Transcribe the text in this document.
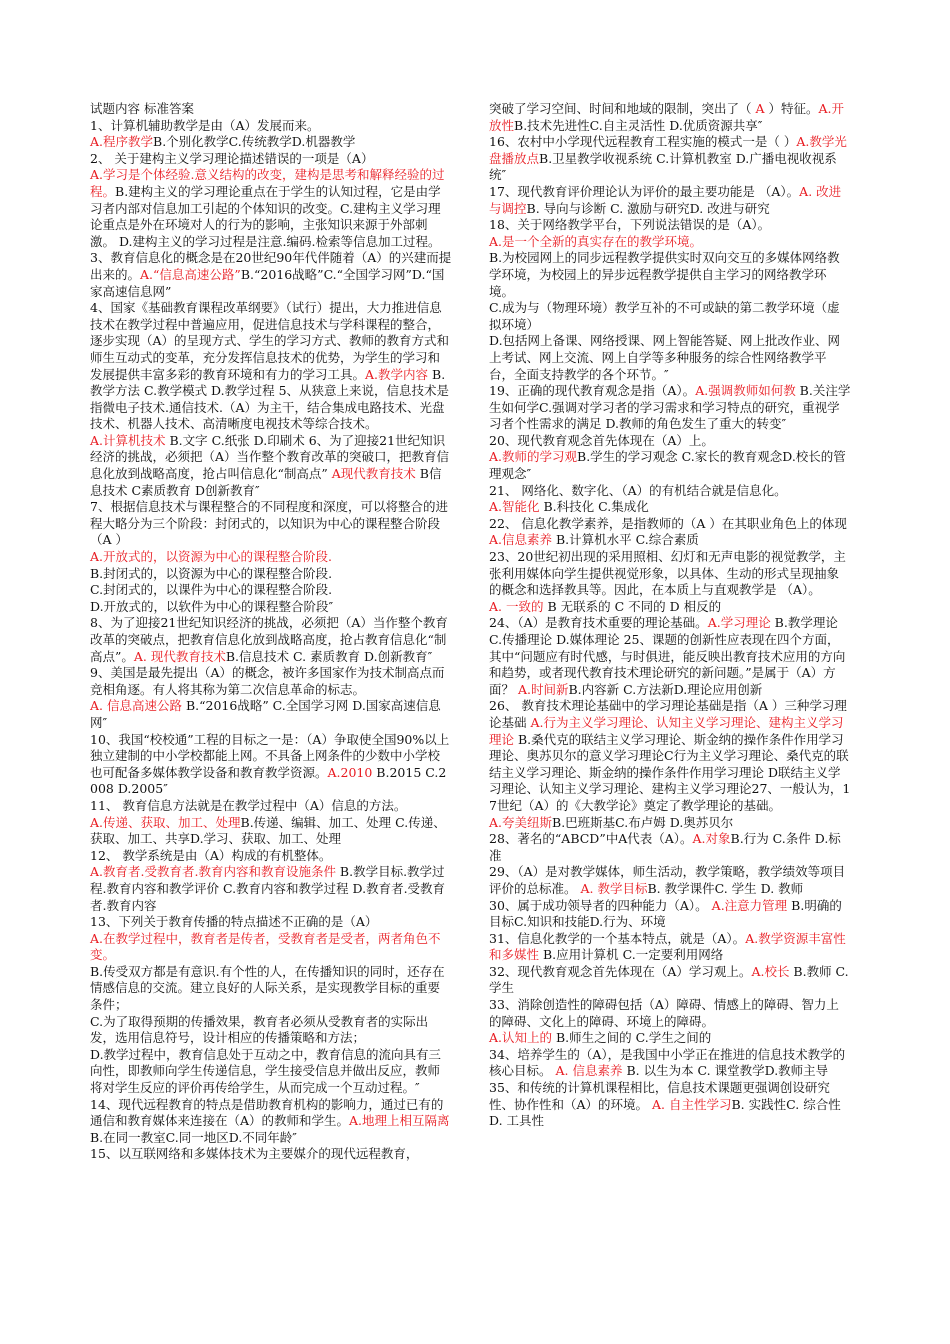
试题内容 标准答案

1、计算机辅助教学是由（A）发展而来。

A.程序教学B.个别化教学C.传统教学D.机器教学

2、 关于建构主义学习理论描述错误的一项是（A）

A.学习是个体经验.意义结构的改变，建构是思考和解释经验的过程。B.建构主义的学习理论重点在于学生的认知过程，它是由学习者内部对信息加工引起的个体知识的改变。C.建构主义学习理论重点是外在环境对人的行为的影响，主张知识来源于外部刺激。 D.建构主义的学习过程是注意.编码.检索等信息加工过程。

3、教育信息化的概念是在20世纪90年代伴随着（A）的兴建而提出来的。A.“信息高速公路”B.“2016战略”C.“全国学习网”D.“国家高速信息网”

4、国家《基础教育课程改革纲要》（试行）提出，大力推进信息技术在教学过程中普遍应用，促进信息技术与学科课程的整合，逐步实现（A）的呈现方式、学生的学习方式、教师的教育方式和师生互动式的变革，充分发挥信息技术的优势，为学生的学习和发展提供丰富多彩的教育环境和有力的学习工具。A.教学内容 B.教学方法 C.教学模式 D.教学过程 5、从狭意上来说，信息技术是指微电子技术.通信技术.（A）为主干，结合集成电路技术、光盘技术、机器人技术、高清晰度电视技术等综合技术。

A.计算机技术 B.文字 C.纸张 D.印刷术 6、为了迎接21世纪知识经济的挑战，必须把（A）当作整个教育改革的突破口，把教育信息化放到战略高度，抢占叫信息化“制高点” A现代教育技术 B信息技术 C素质教育 D创新教育″

7、根据信息技术与课程整合的不同程度和深度，可以将整合的进程大略分为三个阶段：封闭式的，以知识为中心的课程整合阶段（A ）

A.开放式的，以资源为中心的课程整合阶段.

B.封闭式的，以资源为中心的课程整合阶段.

C.封闭式的，以课件为中心的课程整合阶段.

D.开放式的，以软件为中心的课程整合阶段″

8、为了迎接21世纪知识经济的挑战，必须把（A）当作整个教育改革的突破点，把教育信息化放到战略高度，抢占教育信息化“制高点”。A. 现代教育技术B.信息技术 C. 素质教育 D.创新教育″

9、美国是最先提出（A）的概念，被许多国家作为技术制高点而竞相角逐。有人将其称为第二次信息革命的标志。

A. 信息高速公路 B.“2016战略” C.全国学习网 D.国家高速信息网″

10、我国“校校通”工程的目标之一是：（A）争取使全国90%以上独立建制的中小学校都能上网。不具备上网条件的少数中小学校也可配备多媒体教学设备和教育教学资源。A.2010 B.2015 C.2008 D.2005″

11、 教育信息方法就是在教学过程中（A）信息的方法。

A.传递、获取、加工、处理B.传递、编辑、加工、处理 C.传递、获取、加工、共享D.学习、获取、加工、处理

12、 教学系统是由（A）构成的有机整体。

A.教育者.受教育者.教育内容和教育设施条件 B.教学目标.教学过程.教育内容和教学评价 C.教育内容和教学过程 D.教育者.受教育者.教育内容

13、下列关于教育传播的特点描述不正确的是（A）

A.在教学过程中，教育者是传者，受教育者是受者，两者角色不变。

B.传受双方都是有意识.有个性的人，在传播知识的同时，还存在情感信息的交流。建立良好的人际关系，是实现教学目标的重要条件；

C.为了取得预期的传播效果，教育者必须从受教育者的实际出发，选用信息符号，设计相应的传播策略和方法；

D.教学过程中，教育信息处于互动之中，教育信息的流向具有三向性，即教师向学生传递信息，学生接受信息并做出反应，教师将对学生反应的评价再传给学生，从而完成一个互动过程。″

14、现代远程教育的特点是借助教育机构的影响力，通过已有的通信和教育媒体来连接在（A）的教师和学生。A.地理上相互隔离B.在同一教室C.同一地区D.不同年龄″

15、以互联网络和多媒体技术为主要媒介的现代远程教育，

突破了学习空间、时间和地域的限制，突出了（ A ）特征。A.开放性B.技术先进性C.自主灵活性 D.优质资源共享″

16、农村中小学现代远程教育工程实施的模式一是（ ）A.教学光盘播放点B.卫星教学收视系统 C.计算机教室 D.广播电视收视系统″

17、现代教育评价理论认为评价的最主要功能是 （A）。A. 改进与调控B. 导向与诊断 C. 激励与研究D. 改进与研究

18、关于网络教学平台，下列说法错误的是（A）。

A.是一个全新的真实存在的教学环境。

B.为校园网上的同步远程教学提供实时双向交互的多媒体网络教学环境，为校园上的异步远程教学提供自主学习的网络教学环境。

C.成为与（物理环境）教学互补的不可或缺的第二教学环境（虚拟环境）

D.包括网上备课、网络授课、网上智能答疑、网上批改作业、网上考试、网上交流、网上自学等多种服务的综合性网络教学平台，全面支持教学的各个环节。″

19、正确的现代教育观念是指（A）。A.强调教师如何教 B.关注学生如何学C.强调对学习者的学习需求和学习特点的研究，重视学习者个性需求的满足 D.教师的角色发生了重大的转变″

20、现代教育观念首先体现在（A）上。

A.教师的学习观B.学生的学习观念 C.家长的教育观念D.校长的管理观念″

21、 网络化、数字化、（A）的有机结合就是信息化。

A.智能化 B.科技化 C.集成化

22、 信息化教学素养，是指教师的（A ）在其职业角色上的体现 A.信息素养 B.计算机水平 C.综合素质

23、20世纪初出现的采用照相、幻灯和无声电影的视觉教学，主张利用媒体向学生提供视觉形象，以具体、生动的形式呈现抽象的概念和选择教具等。因此，在本质上与直观教学是 （A）。

A. 一致的 B 无联系的 C 不同的 D 相反的

24、（A）是教育技术重要的理论基础。A.学习理论 B.教学理论 C.传播理论 D.媒体理论 25、课题的创新性应表现在四个方面，其中“问题应有时代感，与时俱进，能反映出教育技术应用的方向和趋势，或者现代教育技术理论研究的新问题。”是属于（A）方面？ A.时间新B.内容新 C.方法新D.理论应用创新

26、 教育技术理论基础中的学习理论基础是指（A ）三种学习理论基础 A.行为主义学习理论、认知主义学习理论、建构主义学习理论 B.桑代克的联结主义学习理论、斯金纳的操作条件作用学习理论、奥苏贝尔的意义学习理论C行为主义学习理论、桑代克的联结主义学习理论、斯金纳的操作条件作用学习理论 D联结主义学习理论、认知主义学习理论、建构主义学习理论27、一般认为，17世纪（A）的《大教学论》奠定了教学理论的基础。

A.夸美纽斯B.巴班斯基C.布卢姆 D.奥苏贝尔

28、著名的“ABCD”中A代表（A）。A.对象B.行为 C.条件 D.标准

29、（A）是对教学媒体，师生活动，教学策略，教学绩效等项目评价的总标准。 A. 教学目标B. 教学课件C. 学生 D. 教师

30、属于成功领导者的四种能力（A）。 A.注意力管理 B.明确的目标C.知识和技能D.行为、环境

31、信息化教学的一个基本特点，就是（A）。A.教学资源丰富性和多媒性 B.应用计算机 C.一定要利用网络

32、现代教育观念首先体现在（A）学习观上。A.校长 B.教师 C.学生

33、消除创造性的障碍包括（A）障碍、情感上的障碍、智力上的障碍、文化上的障碍、环境上的障碍。

A.认知上的 B.师生之间的 C.学生之间的

34、培养学生的（A），是我国中小学正在推进的信息技术教学的核心目标。 A. 信息素养 B. 以生为本 C. 课堂教学D.教师主导

35、和传统的计算机课程相比，信息技术课题更强调创设研究性、协作性和（A）的环境。 A. 自主性学习B. 实践性C. 综合性D. 工具性
